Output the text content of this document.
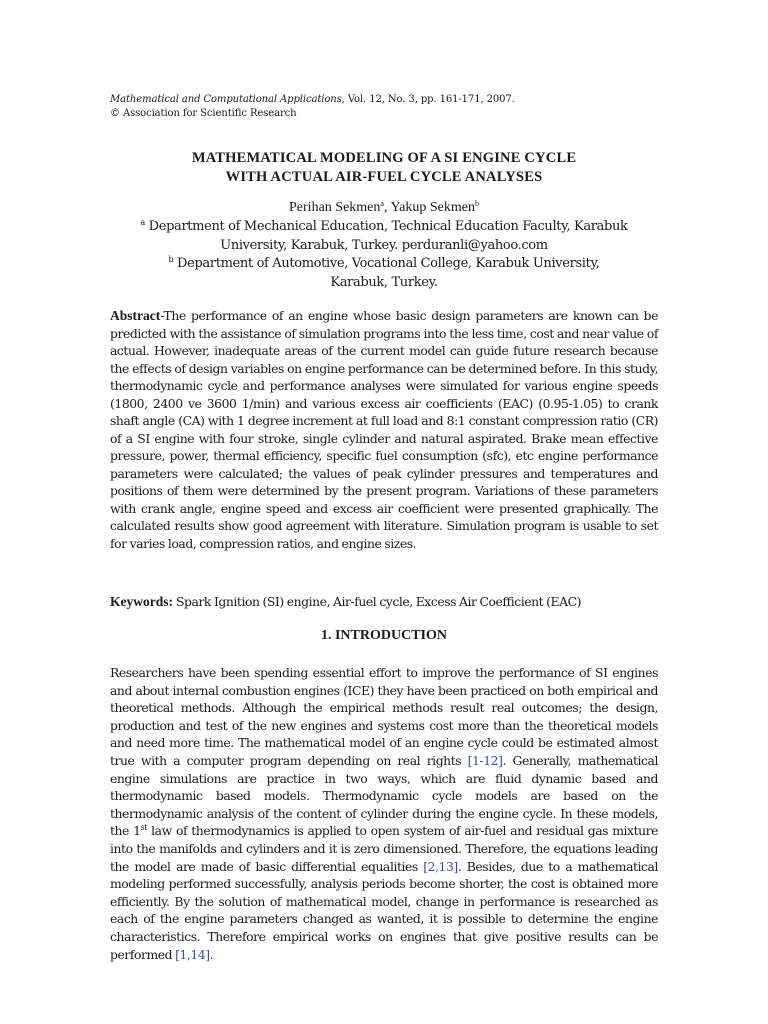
Mathematical and Computational Applications, Vol. 12, No. 3, pp. 161-171, 2007.
© Association for Scientific Research
MATHEMATICAL MODELING OF A SI ENGINE CYCLE
WITH ACTUAL AIR-FUEL CYCLE ANALYSES
Perihan Sekmen$^a$, Yakup Sekmen$^b$
$^a$ Department of Mechanical Education, Technical Education Faculty, Karabuk University, Karabuk, Turkey. perduranli@yahoo.com
$^b$ Department of Automotive, Vocational College, Karabuk University, Karabuk, Turkey.
Abstract-The performance of an engine whose basic design parameters are known can be predicted with the assistance of simulation programs into the less time, cost and near value of actual. However, inadequate areas of the current model can guide future research because the effects of design variables on engine performance can be determined before. In this study, thermodynamic cycle and performance analyses were simulated for various engine speeds (1800, 2400 ve 3600 1/min) and various excess air coefficients (EAC) (0.95-1.05) to crank shaft angle (CA) with 1 degree increment at full load and 8:1 constant compression ratio (CR) of a SI engine with four stroke, single cylinder and natural aspirated. Brake mean effective pressure, power, thermal efficiency, specific fuel consumption (sfc), etc engine performance parameters were calculated; the values of peak cylinder pressures and temperatures and positions of them were determined by the present program. Variations of these parameters with crank angle, engine speed and excess air coefficient were presented graphically. The calculated results show good agreement with literature. Simulation program is usable to set for varies load, compression ratios, and engine sizes.
Keywords: Spark Ignition (SI) engine, Air-fuel cycle, Excess Air Coefficient (EAC)
1. INTRODUCTION
Researchers have been spending essential effort to improve the performance of SI engines and about internal combustion engines (ICE) they have been practiced on both empirical and theoretical methods. Although the empirical methods result real outcomes; the design, production and test of the new engines and systems cost more than the theoretical models and need more time. The mathematical model of an engine cycle could be estimated almost true with a computer program depending on real rights [1-12]. Generally, mathematical engine simulations are practice in two ways, which are fluid dynamic based and thermodynamic based models. Thermodynamic cycle models are based on the thermodynamic analysis of the content of cylinder during the engine cycle. In these models, the 1st law of thermodynamics is applied to open system of air-fuel and residual gas mixture into the manifolds and cylinders and it is zero dimensioned. Therefore, the equations leading the model are made of basic differential equalities [2,13]. Besides, due to a mathematical modeling performed successfully, analysis periods become shorter, the cost is obtained more efficiently. By the solution of mathematical model, change in performance is researched as each of the engine parameters changed as wanted, it is possible to determine the engine characteristics. Therefore empirical works on engines that give positive results can be performed [1,14].
